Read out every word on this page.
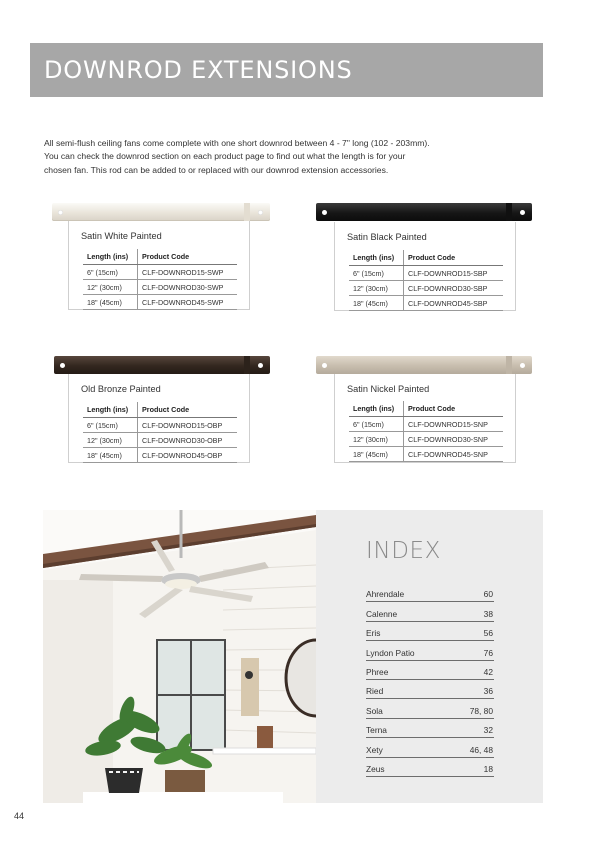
DOWNROD EXTENSIONS
All semi-flush ceiling fans come complete with one short downrod between 4 - 7" long (102 - 203mm).
You can check the downrod section on each product page to find out what the length is for your
chosen fan. This rod can be added to or replaced with our downrod extension accessories.
Satin White Painted
Length (ins)	Product Code
6" (15cm)	CLF-DOWNROD15-SWP
12" (30cm)	CLF-DOWNROD30-SWP
18" (45cm)	CLF-DOWNROD45-SWP
Satin Black Painted
Length (ins)	Product Code
6" (15cm)	CLF-DOWNROD15-SBP
12" (30cm)	CLF-DOWNROD30-SBP
18" (45cm)	CLF-DOWNROD45-SBP
Old Bronze Painted
Length (ins)	Product Code
6" (15cm)	CLF-DOWNROD15-OBP
12" (30cm)	CLF-DOWNROD30-OBP
18" (45cm)	CLF-DOWNROD45-OBP
Satin Nickel Painted
Length (ins)	Product Code
6" (15cm)	CLF-DOWNROD15-SNP
12" (30cm)	CLF-DOWNROD30-SNP
18" (45cm)	CLF-DOWNROD45-SNP
INDEX
Ahrendale	60
Calenne	38
Eris	56
Lyndon Patio	76
Phree	42
Ried	36
Sola	78, 80
Terna	32
Xety	46, 48
Zeus	18
44
